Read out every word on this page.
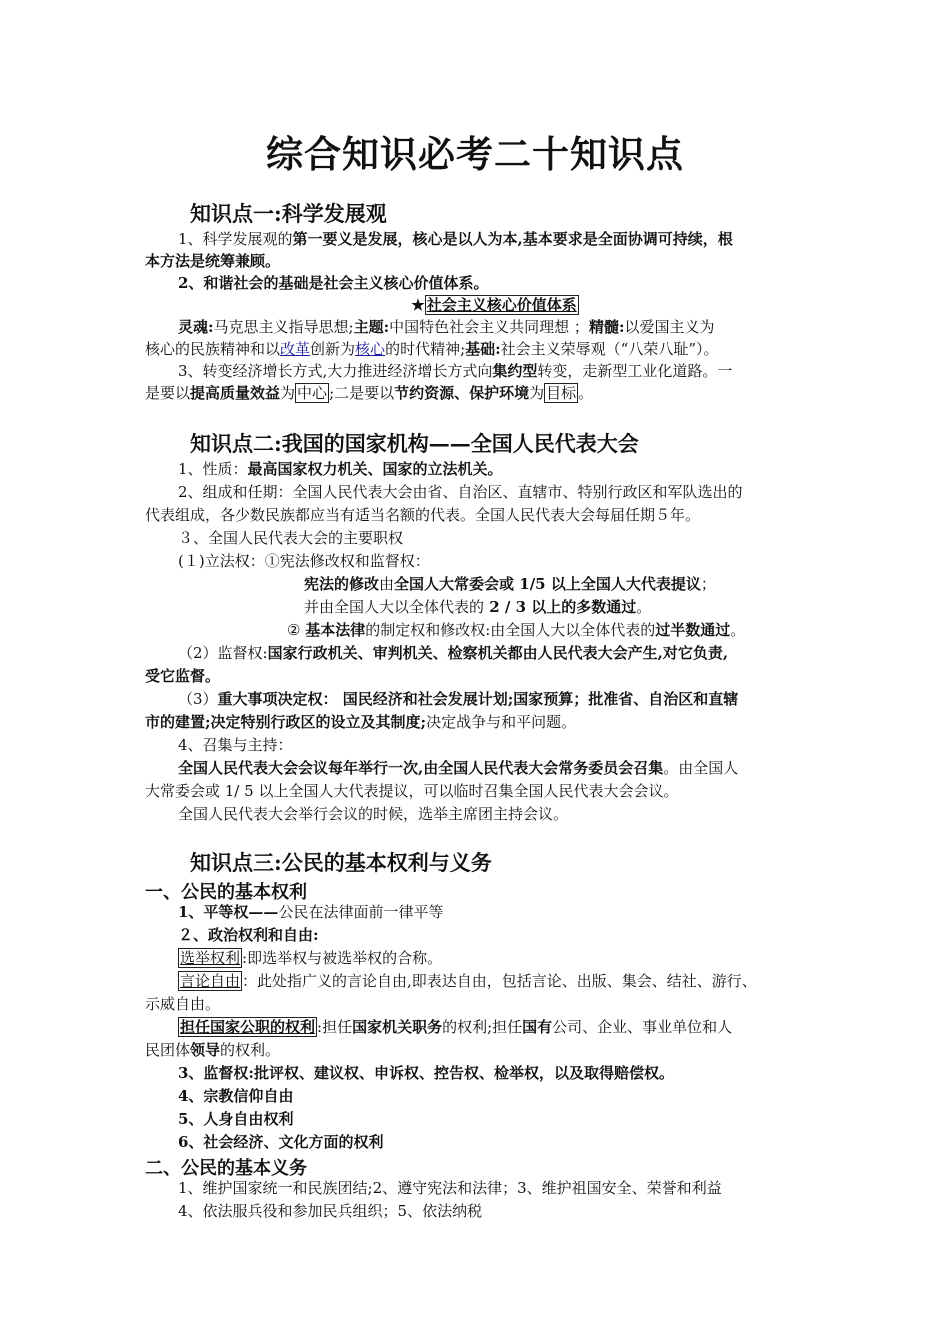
综合知识必考二十知识点
知识点一:科学发展观
1、科学发展观的第一要义是发展，核心是以人为本,基本要求是全面协调可持续，根
本方法是统筹兼顾。
2、和谐社会的基础是社会主义核心价值体系。
★ 社会主义核心价值体系
灵魂:马克思主义指导思想;主题:中国特色社会主义共同理想 ；精髓:以爱国主义为
核心的民族精神和以改革创新为核心的时代精神;基础:社会主义荣辱观（“八荣八耻”）。
3、转变经济增长方式,大力推进经济增长方式向集约型转变，走新型工业化道路。一
是要以提高质量效益为 中心 ;二是要以节约资源、保护环境为 目标 。
知识点二:我国的国家机构——全国人民代表大会
1、性质：最高国家权力机关、国家的立法机关。
2、组成和任期：全国人民代表大会由省、自治区、直辖市、特别行政区和军队选出的
代表组成，各少数民族都应当有适当名额的代表。全国人民代表大会每届任期５年。
３、全国人民代表大会的主要职权
(１)立法权：①宪法修改权和监督权：
宪法的修改由全国人大常委会或 1/5 以上全国人大代表提议；
并由全国人大以全体代表的 2 / 3 以上的多数通过。
② 基本法律的制定权和修改权:由全国人大以全体代表的过半数通过。
（2）监督权:国家行政机关、审判机关、检察机关都由人民代表大会产生,对它负责,
受它监督。
（3）重大事项决定权： 国民经济和社会发展计划;国家预算；批准省、自治区和直辖
市的建置;决定特别行政区的设立及其制度;决定战争与和平问题。
4、召集与主持：
全国人民代表大会会议每年举行一次,由全国人民代表大会常务委员会召集。由全国人
大常委会或 1/ 5 以上全国人大代表提议，可以临时召集全国人民代表大会会议。
全国人民代表大会举行会议的时候，选举主席团主持会议。
知识点三:公民的基本权利与义务
一、公民的基本权利
1、平等权——公民在法律面前一律平等
２、政治权利和自由:
选举权利 :即选举权与被选举权的合称。
言论自由 ：此处指广义的言论自由,即表达自由，包括言论、出版、集会、结社、游行、
示威自由。
担任国家公职的权利 :担任国家机关职务的权利;担任国有公司、企业、事业单位和人
民团体领导的权利。
3、监督权:批评权、建议权、申诉权、控告权、检举权，以及取得赔偿权。
4、宗教信仰自由
5、人身自由权利
6、社会经济、文化方面的权利
二、公民的基本义务
1、维护国家统一和民族团结;2、遵守宪法和法律；3、维护祖国安全、荣誉和利益
4、依法服兵役和参加民兵组织；5、依法纳税
